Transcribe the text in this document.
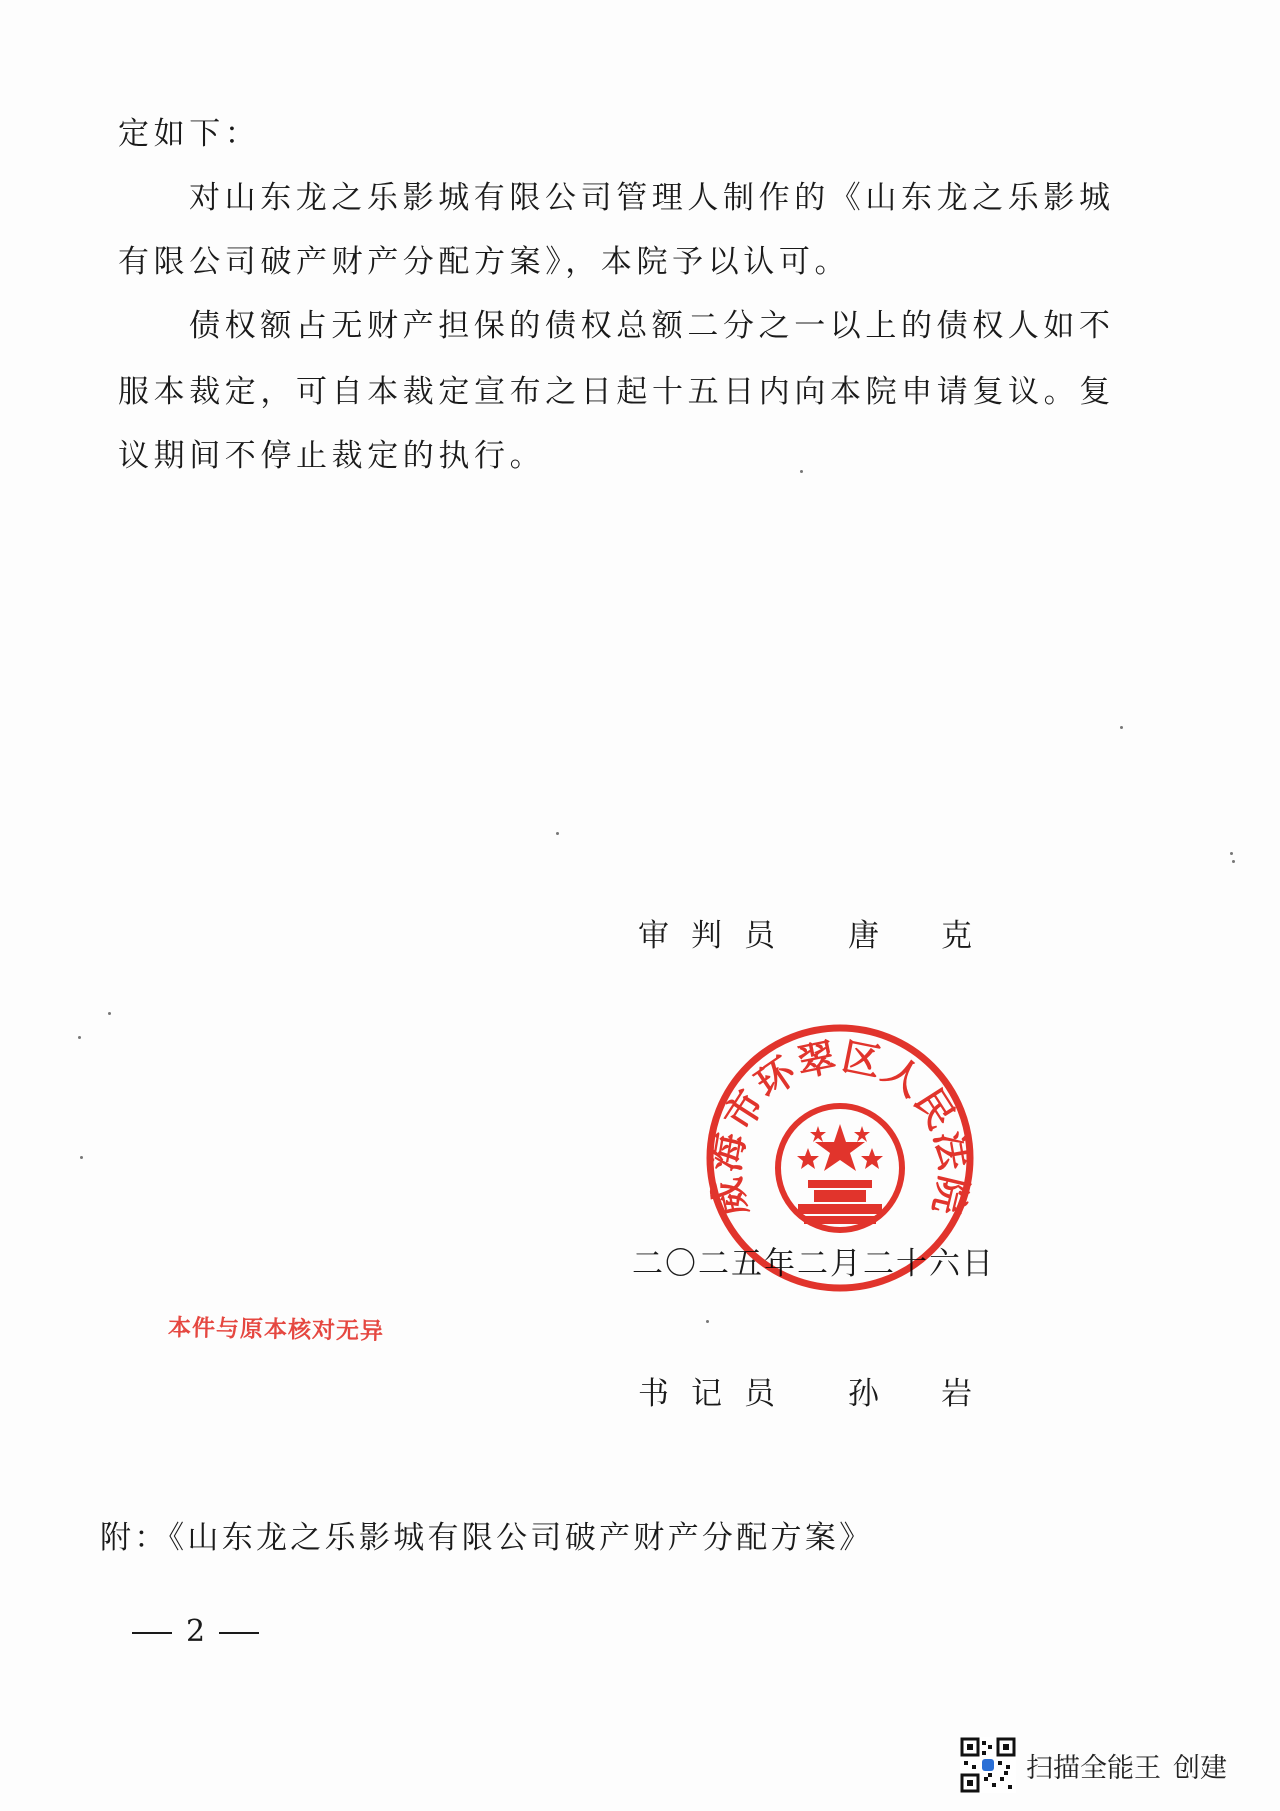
定如下：
对山东龙之乐影城有限公司管理人制作的《山东龙之乐影城
有限公司破产财产分配方案》，本院予以认可。
债权额占无财产担保的债权总额二分之一以上的债权人如不
服本裁定，可自本裁定宣布之日起十五日内向本院申请复议。复
议期间不停止裁定的执行。
审判员 唐克
威海市环翠区人民法院
二〇二五年二月二十六日
本件与原本核对无异
书记员 孙岩
附：《山东龙之乐影城有限公司破产财产分配方案》
2
扫描全能王 创建
